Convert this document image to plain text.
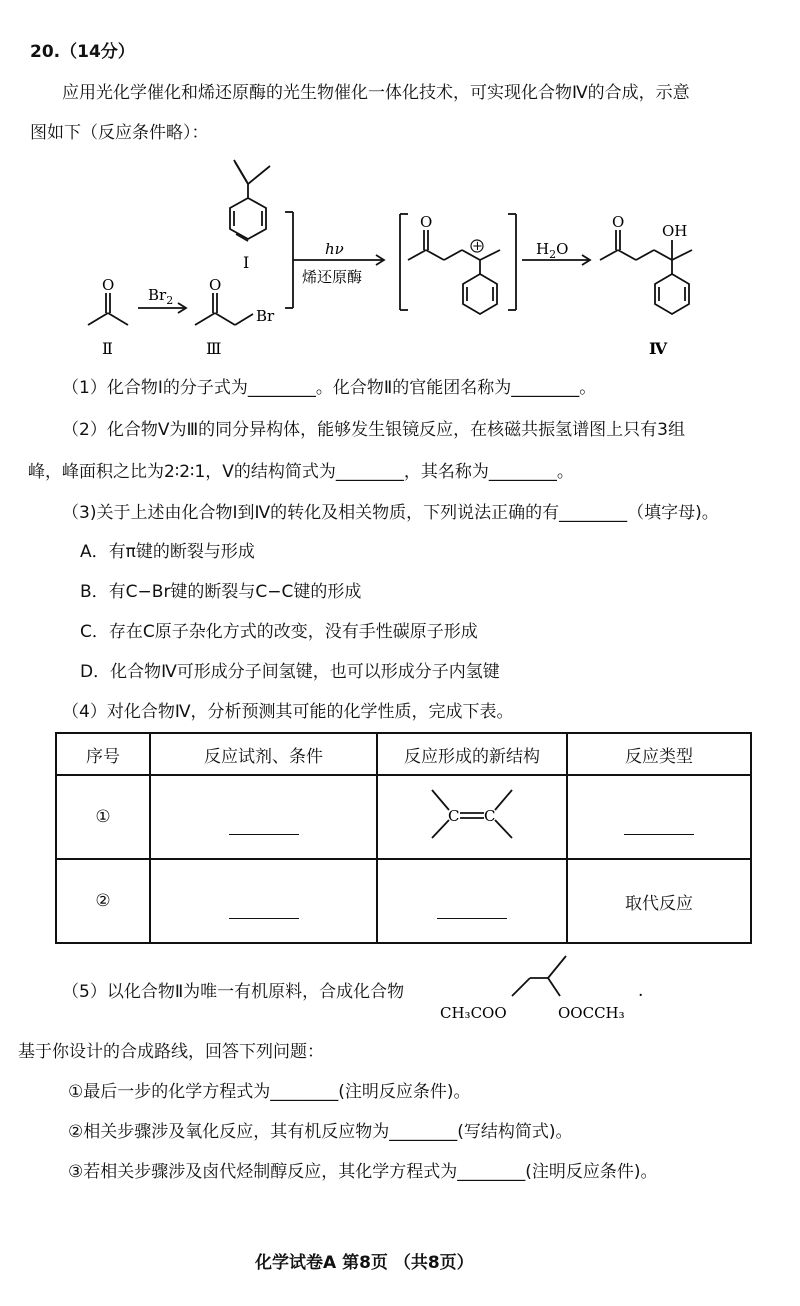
20.（14分）
应用光化学催化和烯还原酶的光生物催化一体化技术，可实现化合物Ⅳ的合成，示意
图如下（反应条件略）：
Ⅰ
Ⅱ	Ⅲ	Ⅳ
$Br_2$
Br
O	O
hν
烯还原酶
O
+	$H_2O$
O	OH
（1）化合物Ⅰ的分子式为________。化合物Ⅱ的官能团名称为________。
（2）化合物Ⅴ为Ⅲ的同分异构体，能够发生银镜反应，在核磁共振氢谱图上只有3组
峰，峰面积之比为2∶2∶1，Ⅴ的结构简式为________，其名称为________。
（3)关于上述由化合物Ⅰ到Ⅳ的转化及相关物质，下列说法正确的有________（填字母)。
A．有π键的断裂与形成
B．有C−Br键的断裂与C−C键的形成
C．存在C原子杂化方式的改变，没有手性碳原子形成
D．化合物Ⅳ可形成分子间氢键，也可以形成分子内氢键
（4）对化合物Ⅳ，分析预测其可能的化学性质，完成下表。
序号	反应试剂、条件	反应形成的新结构	反应类型
①		C C	

②			取代反应
（5）以化合物Ⅱ为唯一有机原料，合成化合物
CH₃COO	OOCCH₃
.
基于你设计的合成路线，回答下列问题：
①最后一步的化学方程式为________(注明反应条件)。
②相关步骤涉及氧化反应，其有机反应物为________(写结构简式)。
③若相关步骤涉及卤代烃制醇反应，其化学方程式为________(注明反应条件)。
化学试卷A 第8页 （共8页）
